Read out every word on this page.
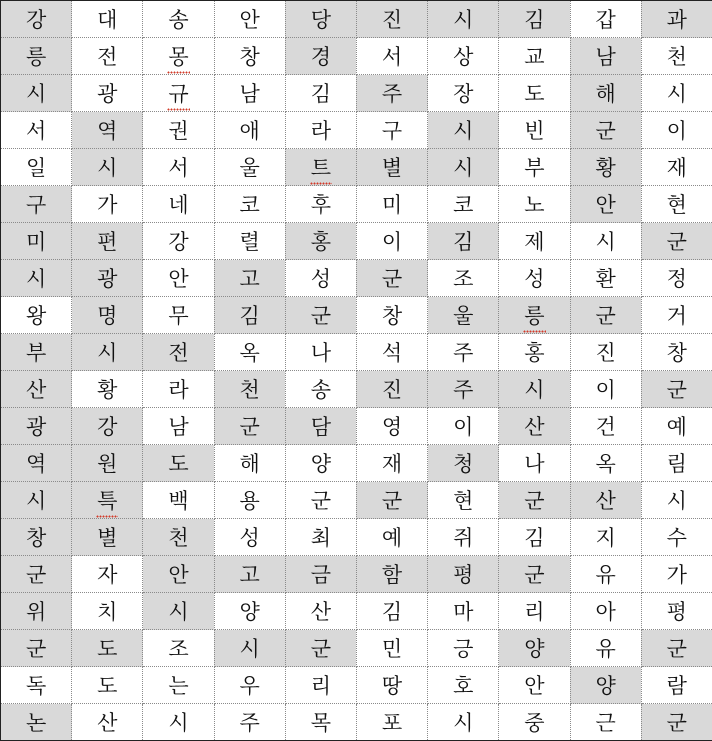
강	대	송	안	당	진	시	김	갑	과
릉	전	몽	창	경	서	상	교	남	천
시	광	규	남	김	주	장	도	해	시
서	역	권	애	라	구	시	빈	군	이
일	시	서	울	트	별	시	부	황	재
구	가	네	코	후	미	코	노	안	현
미	편	강	렬	홍	이	김	제	시	군
시	광	안	고	성	군	조	성	환	정
왕	명	무	김	군	창	울	릉	군	거
부	시	전	옥	나	석	주	홍	진	창
산	황	라	천	송	진	주	시	이	군
광	강	남	군	담	영	이	산	건	예
역	원	도	해	양	재	청	나	옥	림
시	특	백	용	군	군	현	군	산	시
창	별	천	성	최	예	쥐	김	지	수
군	자	안	고	금	함	평	군	유	가
위	치	시	양	산	김	마	리	아	평
군	도	조	시	군	민	긍	양	유	군
독	도	는	우	리	땅	호	안	양	람
논	산	시	주	목	포	시	중	근	군
